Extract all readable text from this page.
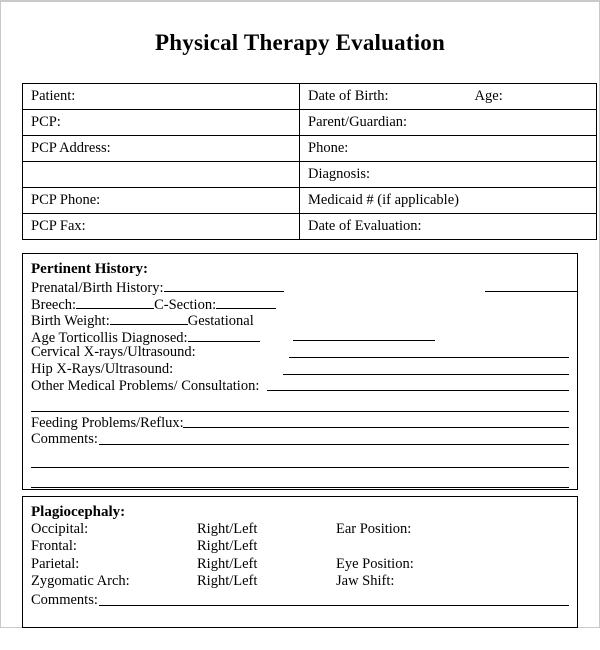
Physical Therapy Evaluation
Patient:	Date of Birth: Age:
PCP:	Parent/Guardian:
PCP Address:	Phone:
	Diagnosis:
PCP Phone:	Medicaid # (if applicable)
PCP Fax:	Date of Evaluation:
Pertinent History:
Prenatal/Birth History:
Breech:	C-Section:
Birth Weight:	Gestational
Age Torticollis Diagnosed:
Cervical X-rays/Ultrasound:
Hip X-Rays/Ultrasound:
Other Medical Problems/ Consultation:
Feeding Problems/Reflux:
Comments:
Plagiocephaly:
Occipital:	Right/Left	Ear Position:
Frontal:	Right/Left
Parietal:	Right/Left	Eye Position:
Zygomatic Arch:	Right/Left	Jaw Shift:
Comments:
